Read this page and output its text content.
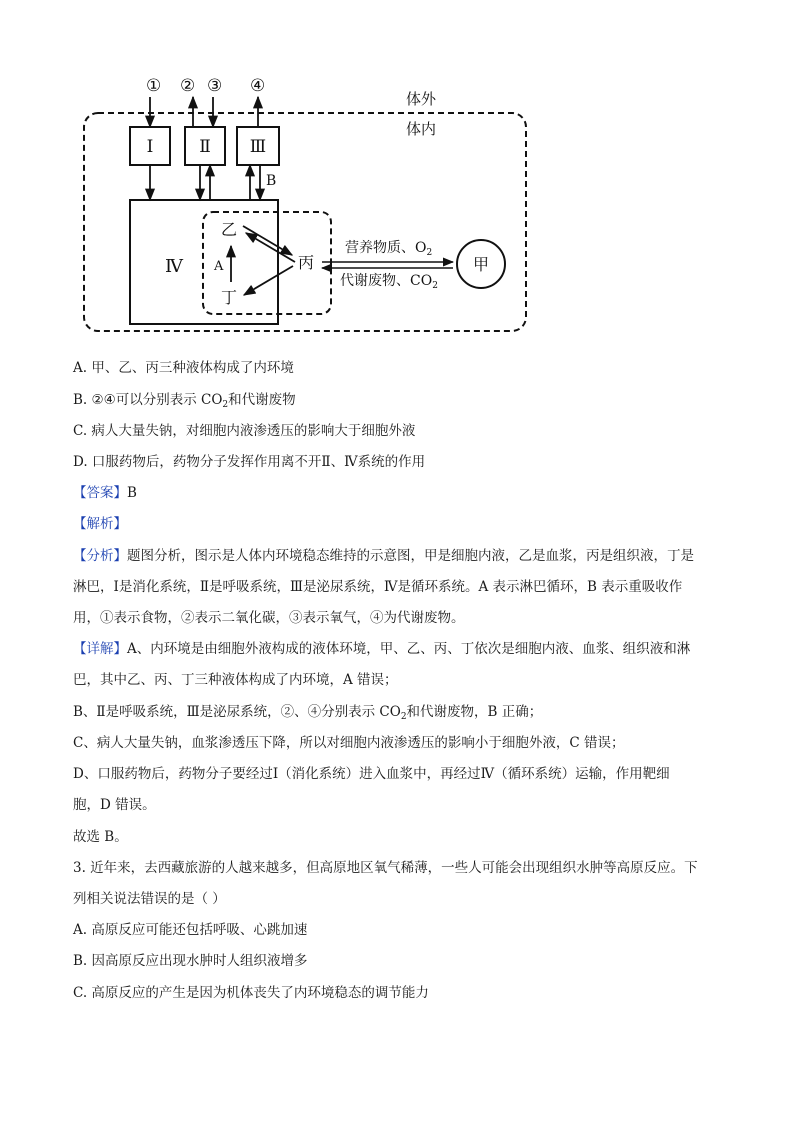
体外
体内
① ② ③ ④
Ⅰ	Ⅱ Ⅲ
B
Ⅳ
乙
丙
丁
A
营养物质、$O_2$
代谢废物、$CO_2$
甲
A. 甲、乙、丙三种液体构成了内环境
B. ②④可以分别表示 $CO_2$和代谢废物
C. 病人大量失钠，对细胞内液渗透压的影响大于细胞外液
D. 口服药物后，药物分子发挥作用离不开Ⅱ、Ⅳ系统的作用
【答案】B
【解析】
【分析】题图分析，图示是人体内环境稳态维持的示意图，甲是细胞内液，乙是血浆，丙是组织液，丁是
淋巴，Ⅰ是消化系统，Ⅱ是呼吸系统，Ⅲ是泌尿系统，Ⅳ是循环系统。A 表示淋巴循环，B 表示重吸收作
用，①表示食物，②表示二氧化碳，③表示氧气，④为代谢废物。
【详解】A、内环境是由细胞外液构成的液体环境，甲、乙、丙、丁依次是细胞内液、血浆、组织液和淋
巴，其中乙、丙、丁三种液体构成了内环境，A 错误；
B、Ⅱ是呼吸系统，Ⅲ是泌尿系统，②、④分别表示 $CO_2$和代谢废物，B 正确；
C、病人大量失钠，血浆渗透压下降，所以对细胞内液渗透压的影响小于细胞外液，C 错误；
D、口服药物后，药物分子要经过Ⅰ（消化系统）进入血浆中，再经过Ⅳ（循环系统）运输，作用靶细
胞，D 错误。
故选 B。
3. 近年来，去西藏旅游的人越来越多，但高原地区氧气稀薄，一些人可能会出现组织水肿等高原反应。下
列相关说法错误的是（ ）
A. 高原反应可能还包括呼吸、心跳加速
B. 因高原反应出现水肿时人组织液增多
C. 高原反应的产生是因为机体丧失了内环境稳态的调节能力
